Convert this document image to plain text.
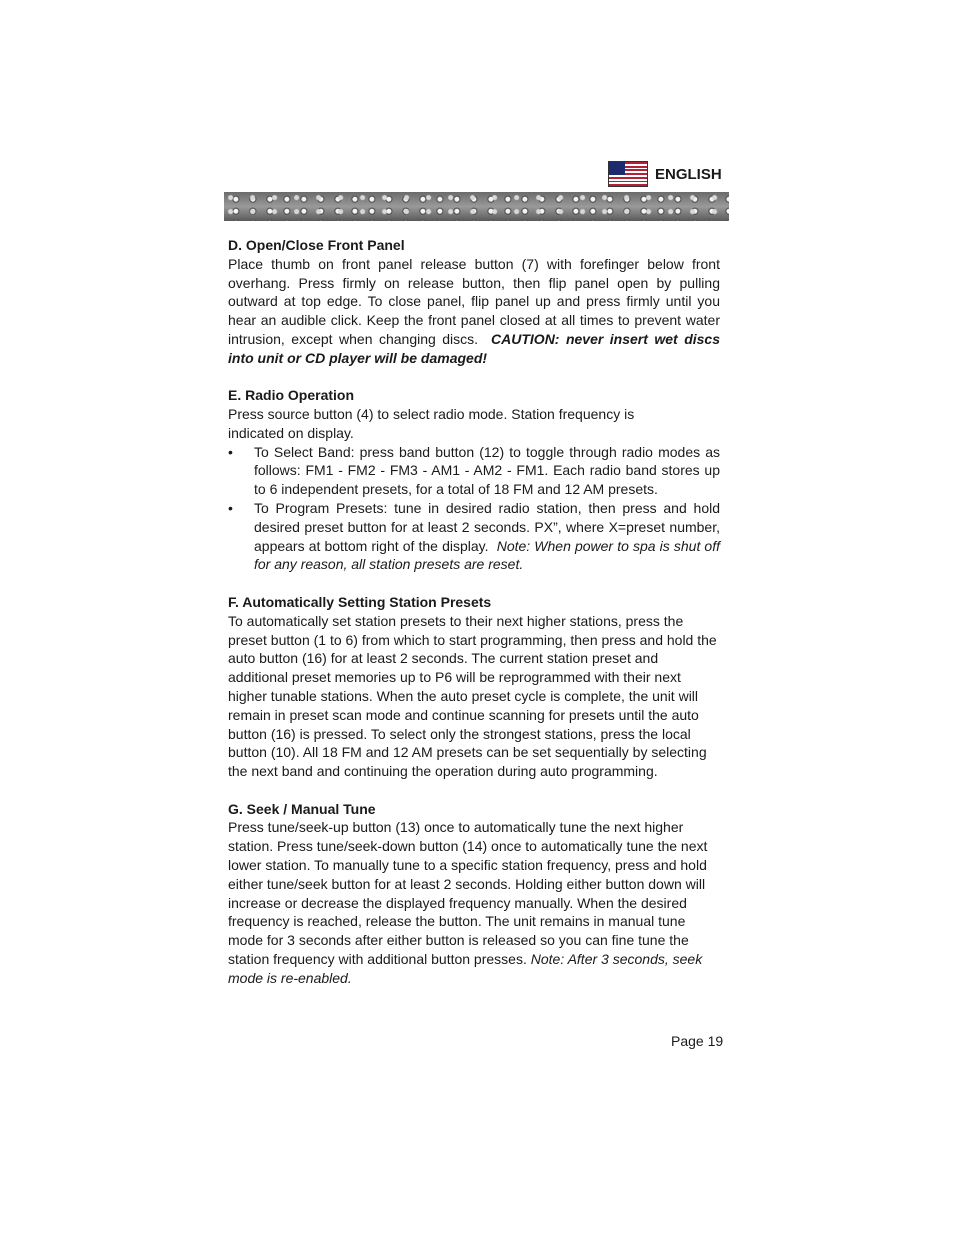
ENGLISH

D. Open/Close Front Panel

Place thumb on front panel release button (7) with forefinger below front overhang. Press firmly on release button, then flip panel open by pulling outward at top edge. To close panel, flip panel up and press firmly until you hear an audible click. Keep the front panel closed at all times to prevent water intrusion, except when changing discs. CAUTION: never insert wet discs into unit or CD player will be damaged!

E. Radio Operation

Press source button (4) to select radio mode. Station frequency is indicated on display.

• To Select Band: press band button (12) to toggle through radio modes as follows: FM1 - FM2 - FM3 - AM1 - AM2 - FM1. Each radio band stores up to 6 independent presets, for a total of 18 FM and 12 AM presets.
• To Program Presets: tune in desired radio station, then press and hold desired preset button for at least 2 seconds. PX”, where X=preset number, appears at bottom right of the display. Note: When power to spa is shut off for any reason, all station presets are reset.

F. Automatically Setting Station Presets

To automatically set station presets to their next higher stations, press the preset button (1 to 6) from which to start programming, then press and hold the auto button (16) for at least 2 seconds. The current station preset and additional preset memories up to P6 will be reprogrammed with their next higher tunable stations. When the auto preset cycle is complete, the unit will remain in preset scan mode and continue scanning for presets until the auto button (16) is pressed. To select only the strongest stations, press the local button (10). All 18 FM and 12 AM presets can be set sequentially by selecting the next band and continuing the operation during auto programming.

G. Seek / Manual Tune

Press tune/seek-up button (13) once to automatically tune the next higher station. Press tune/seek-down button (14) once to automatically tune the next lower station. To manually tune to a specific station frequency, press and hold either tune/seek button for at least 2 seconds. Holding either button down will increase or decrease the displayed frequency manually. When the desired frequency is reached, release the button. The unit remains in manual tune mode for 3 seconds after either button is released so you can fine tune the station frequency with additional button presses. Note: After 3 seconds, seek mode is re-enabled.

Page 19
